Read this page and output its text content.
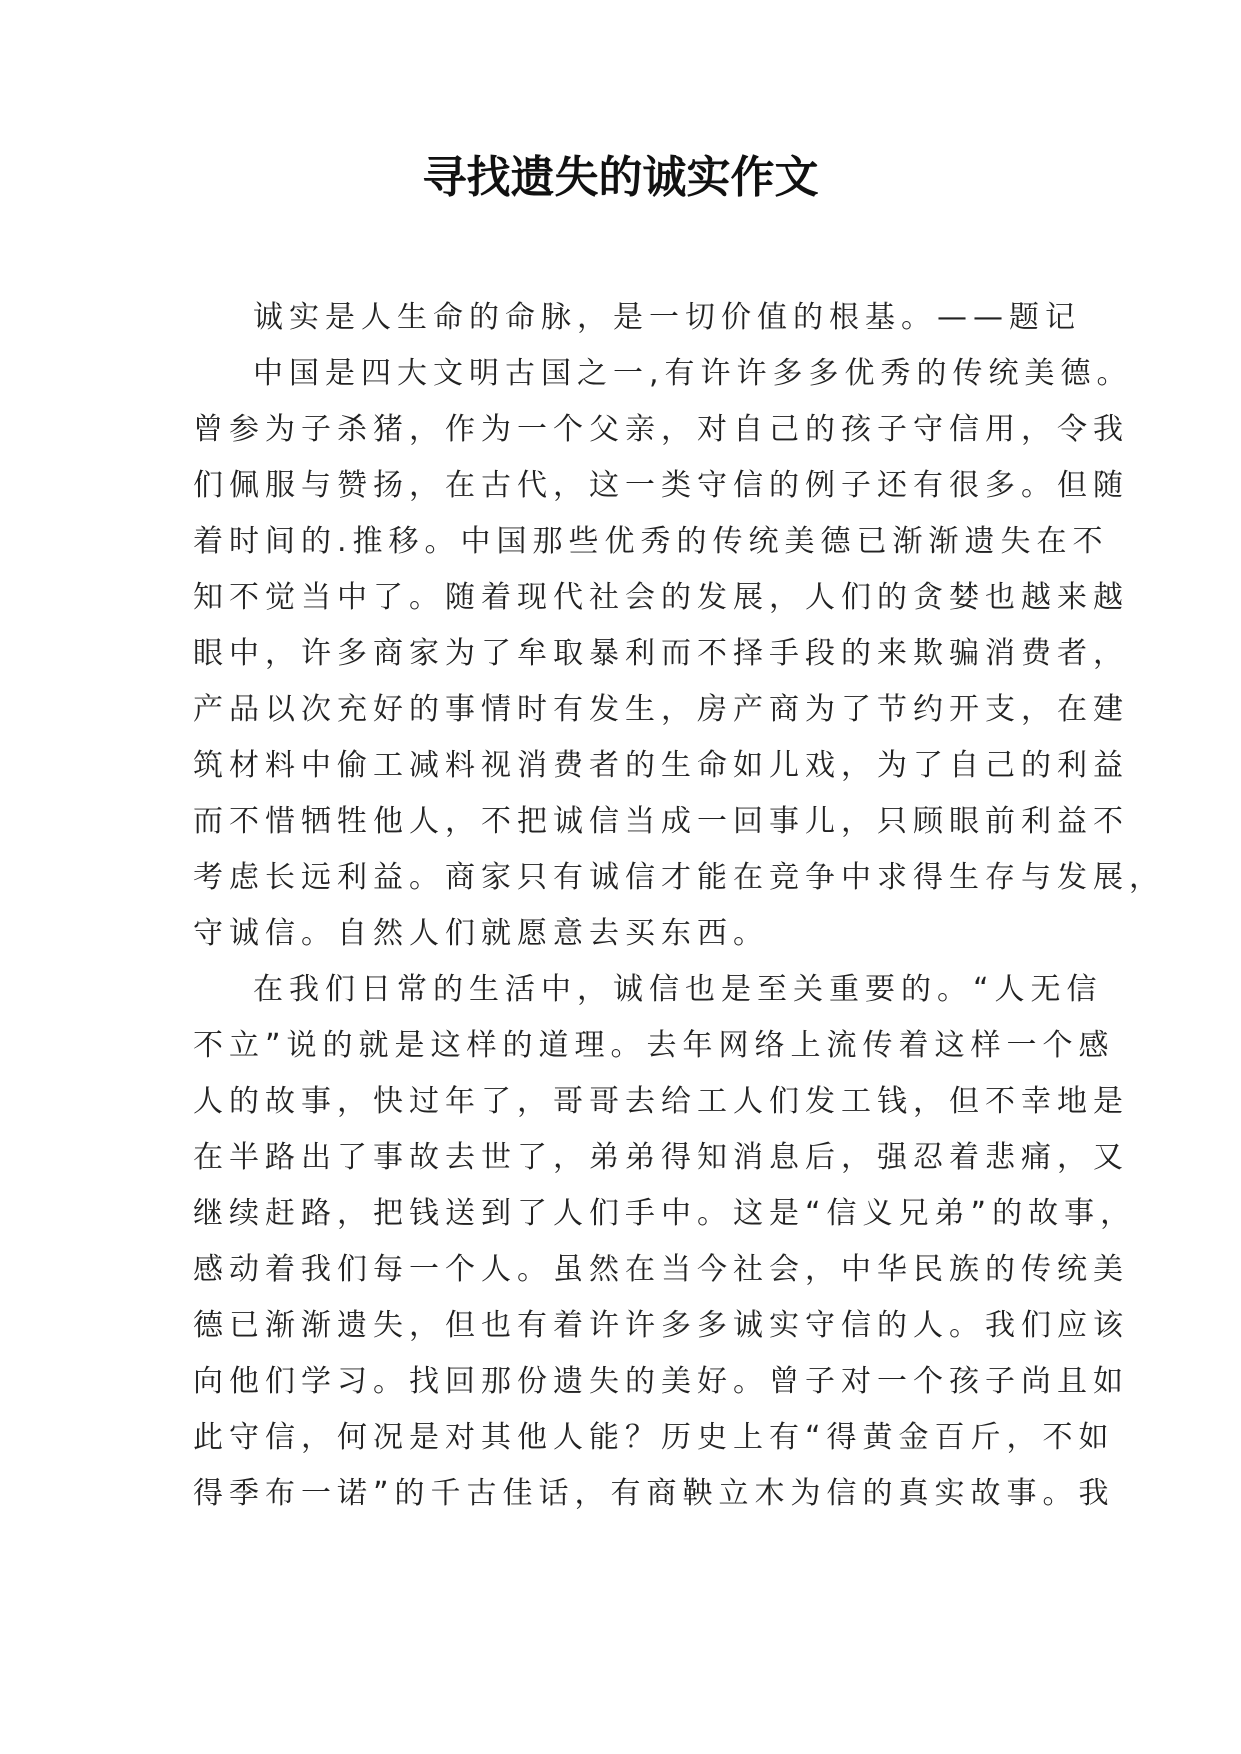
寻找遗失的诚实作文

诚实是人生命的命脉，是一切价值的根基。——题记

中国是四大文明古国之一,有许许多多优秀的传统美德。
曾参为子杀猪，作为一个父亲，对自己的孩子守信用，令我
们佩服与赞扬，在古代，这一类守信的例子还有很多。但随
着时间的.推移。中国那些优秀的传统美德已渐渐遗失在不
知不觉当中了。随着现代社会的发展，人们的贪婪也越来越
眼中，许多商家为了牟取暴利而不择手段的来欺骗消费者，
产品以次充好的事情时有发生，房产商为了节约开支，在建
筑材料中偷工减料视消费者的生命如儿戏，为了自己的利益
而不惜牺牲他人，不把诚信当成一回事儿，只顾眼前利益不
考虑长远利益。商家只有诚信才能在竞争中求得生存与发展，
守诚信。自然人们就愿意去买东西。

在我们日常的生活中，诚信也是至关重要的。“人无信
不立”说的就是这样的道理。去年网络上流传着这样一个感
人的故事，快过年了，哥哥去给工人们发工钱，但不幸地是
在半路出了事故去世了，弟弟得知消息后，强忍着悲痛，又
继续赶路，把钱送到了人们手中。这是“信义兄弟”的故事，
感动着我们每一个人。虽然在当今社会，中华民族的传统美
德已渐渐遗失，但也有着许许多多诚实守信的人。我们应该
向他们学习。找回那份遗失的美好。曾子对一个孩子尚且如
此守信，何况是对其他人能？历史上有“得黄金百斤，不如
得季布一诺”的千古佳话，有商鞅立木为信的真实故事。我
